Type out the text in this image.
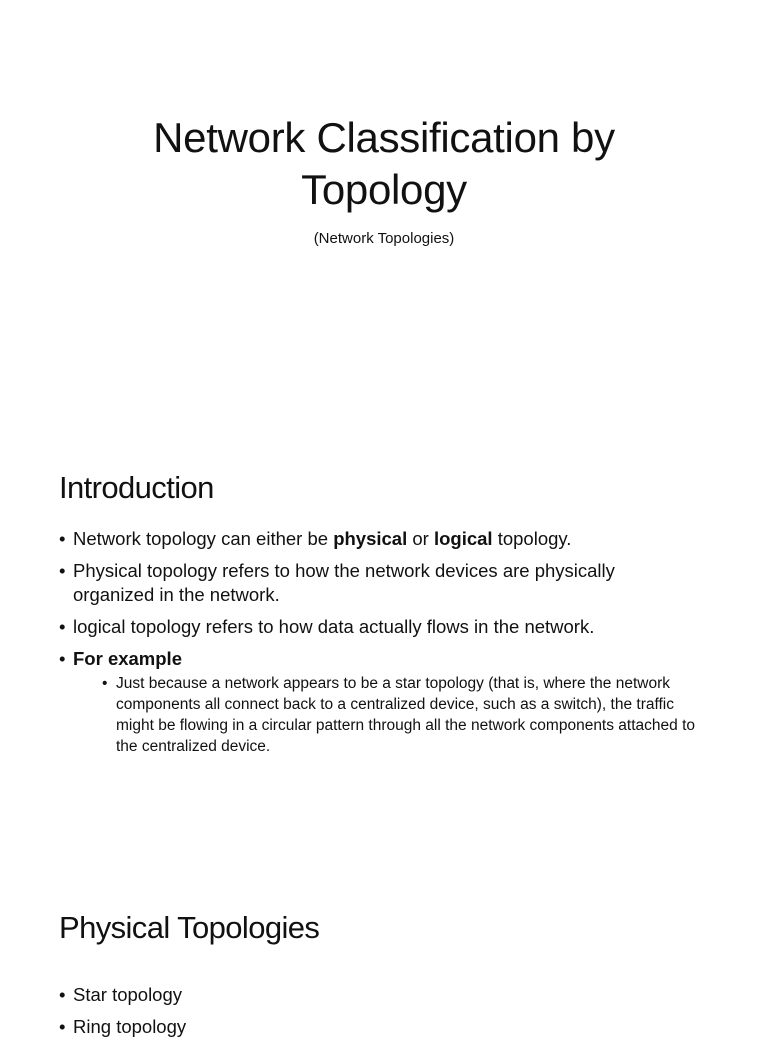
Network Classification by
Topology

(Network Topologies)

Introduction
• Network topology can either be physical or logical topology.
• Physical topology refers to how the network devices are physically organized in the network.
• logical topology refers to how data actually flows in the network.
• For example
• Just because a network appears to be a star topology (that is, where the network components all connect back to a centralized device, such as a switch), the traffic might be flowing in a circular pattern through all the network components attached to the centralized device.
Physical Topologies
• Star topology
• Ring topology
